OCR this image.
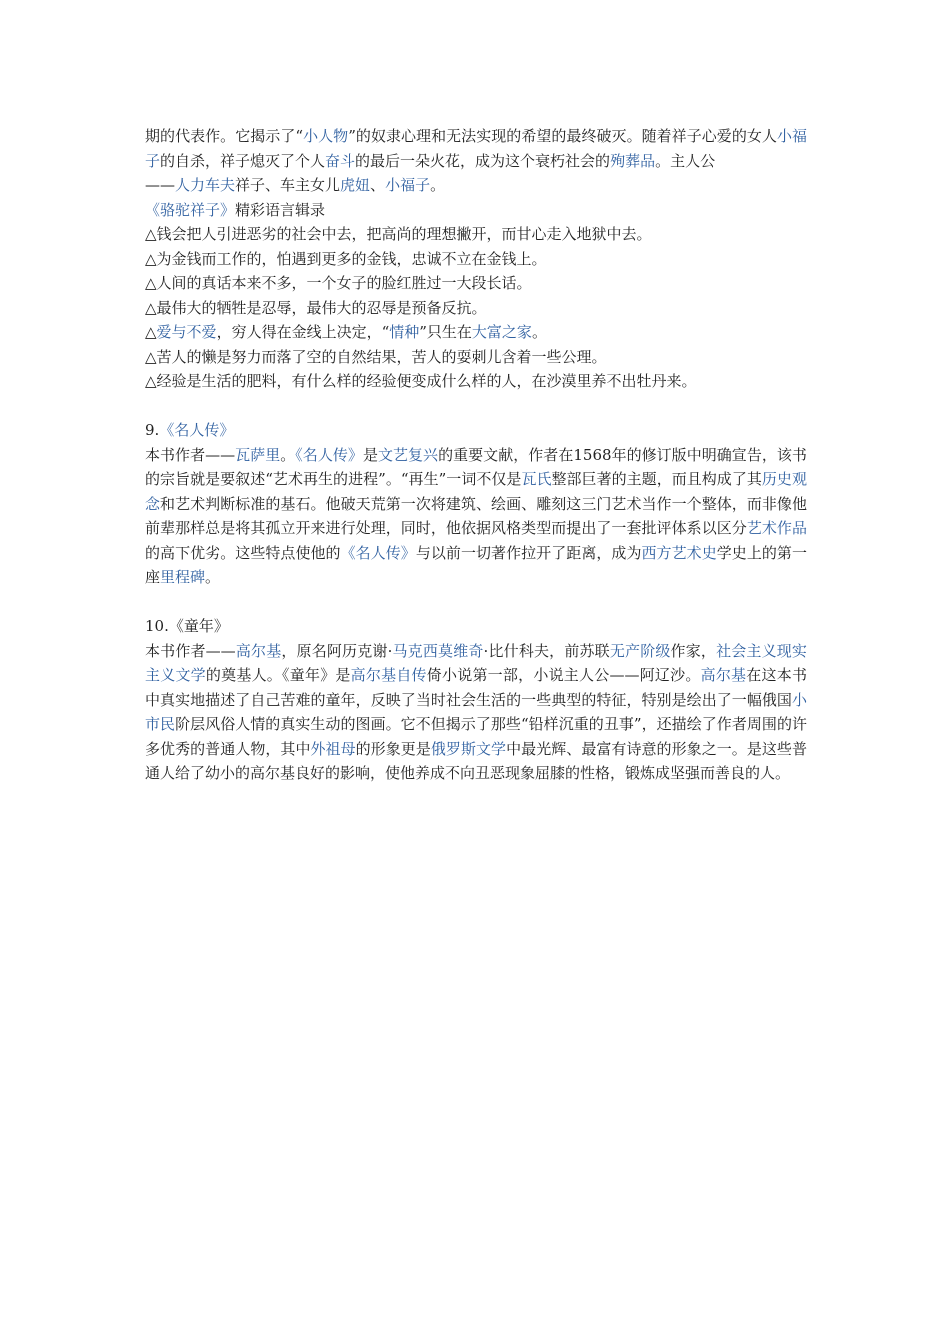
期的代表作。它揭示了“小人物”的奴隶心理和无法实现的希望的最终破灭。随着祥子心爱的女人小福子的自杀，祥子熄灭了个人奋斗的最后一朵火花，成为这个衰朽社会的殉葬品。主人公

——人力车夫祥子、车主女儿虎妞、小福子。

《骆驼祥子》精彩语言辑录

△钱会把人引进恶劣的社会中去，把高尚的理想撇开，而甘心走入地狱中去。

△为金钱而工作的，怕遇到更多的金钱，忠诚不立在金钱上。

△人间的真话本来不多，一个女子的脸红胜过一大段长话。

△最伟大的牺牲是忍辱，最伟大的忍辱是预备反抗。

△爱与不爱，穷人得在金线上决定，“情种”只生在大富之家。

△苦人的懒是努力而落了空的自然结果，苦人的耍刺儿含着一些公理。

△经验是生活的肥料，有什么样的经验便变成什么样的人，在沙漠里养不出牡丹来。

9.《名人传》

本书作者——瓦萨里。《名人传》是文艺复兴的重要文献，作者在1568年的修订版中明确宣告，该书的宗旨就是要叙述“艺术再生的进程”。“再生”一词不仅是瓦氏整部巨著的主题，而且构成了其历史观念和艺术判断标准的基石。他破天荒第一次将建筑、绘画、雕刻这三门艺术当作一个整体，而非像他前辈那样总是将其孤立开来进行处理，同时，他依据风格类型而提出了一套批评体系以区分艺术作品的高下优劣。这些特点使他的《名人传》与以前一切著作拉开了距离，成为西方艺术史学史上的第一座里程碑。

10.《童年》

本书作者——高尔基，原名阿历克谢·马克西莫维奇·比什科夫，前苏联无产阶级作家，社会主义现实主义文学的奠基人。《童年》是高尔基自传倚小说第一部，小说主人公——阿辽沙。高尔基在这本书中真实地描述了自己苦难的童年，反映了当时社会生活的一些典型的特征，特别是绘出了一幅俄国小市民阶层风俗人情的真实生动的图画。它不但揭示了那些“铅样沉重的丑事”，还描绘了作者周围的许多优秀的普通人物，其中外祖母的形象更是俄罗斯文学中最光辉、最富有诗意的形象之一。是这些普通人给了幼小的高尔基良好的影响，使他养成不向丑恶现象屈膝的性格，锻炼成坚强而善良的人。
